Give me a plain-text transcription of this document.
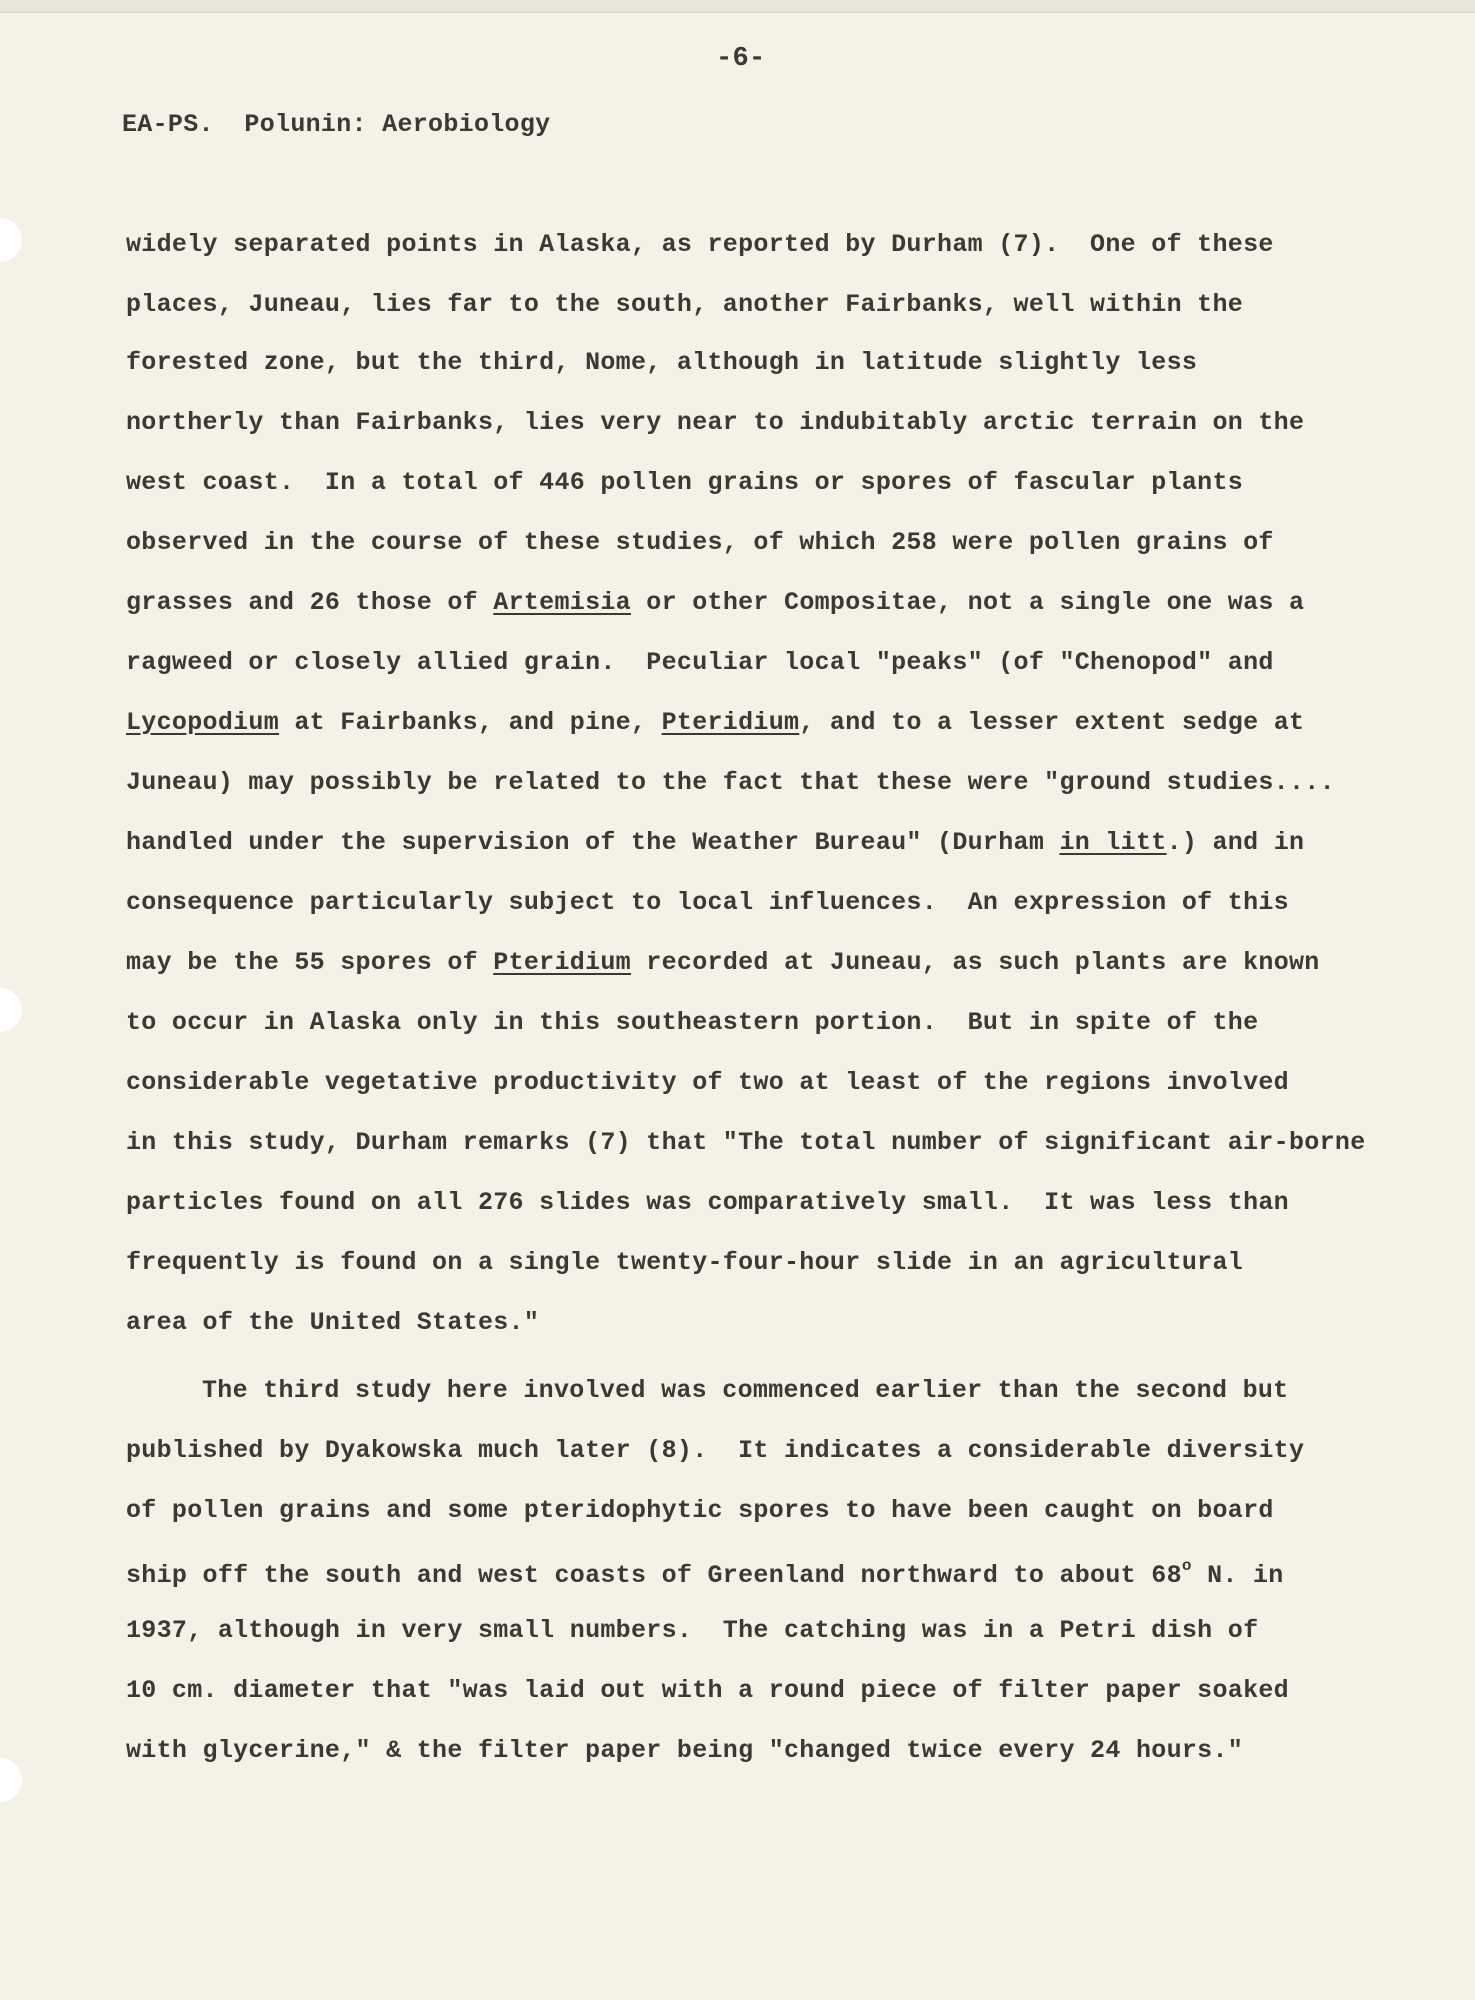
-6-
EA-PS.  Polunin: Aerobiology
widely separated points in Alaska, as reported by Durham (7).  One of these
places, Juneau, lies far to the south, another Fairbanks, well within the
forested zone, but the third, Nome, although in latitude slightly less
northerly than Fairbanks, lies very near to indubitably arctic terrain on the
west coast.  In a total of 446 pollen grains or spores of fascular plants
observed in the course of these studies, of which 258 were pollen grains of
grasses and 26 those of Artemisia or other Compositae, not a single one was a
ragweed or closely allied grain.  Peculiar local "peaks" (of "Chenopod" and
Lycopodium at Fairbanks, and pine, Pteridium, and to a lesser extent sedge at
Juneau) may possibly be related to the fact that these were "ground studies....
handled under the supervision of the Weather Bureau" (Durham in litt.) and in
consequence particularly subject to local influences.  An expression of this
may be the 55 spores of Pteridium recorded at Juneau, as such plants are known
to occur in Alaska only in this southeastern portion.  But in spite of the
considerable vegetative productivity of two at least of the regions involved
in this study, Durham remarks (7) that "The total number of significant air-borne
particles found on all 276 slides was comparatively small.  It was less than
frequently is found on a single twenty-four-hour slide in an agricultural
area of the United States."
The third study here involved was commenced earlier than the second but
published by Dyakowska much later (8).  It indicates a considerable diversity
of pollen grains and some pteridophytic spores to have been caught on board
ship off the south and west coasts of Greenland northward to about 68$^o$ N. in
1937, although in very small numbers.  The catching was in a Petri dish of
10 cm. diameter that "was laid out with a round piece of filter paper soaked
with glycerine," & the filter paper being "changed twice every 24 hours."
